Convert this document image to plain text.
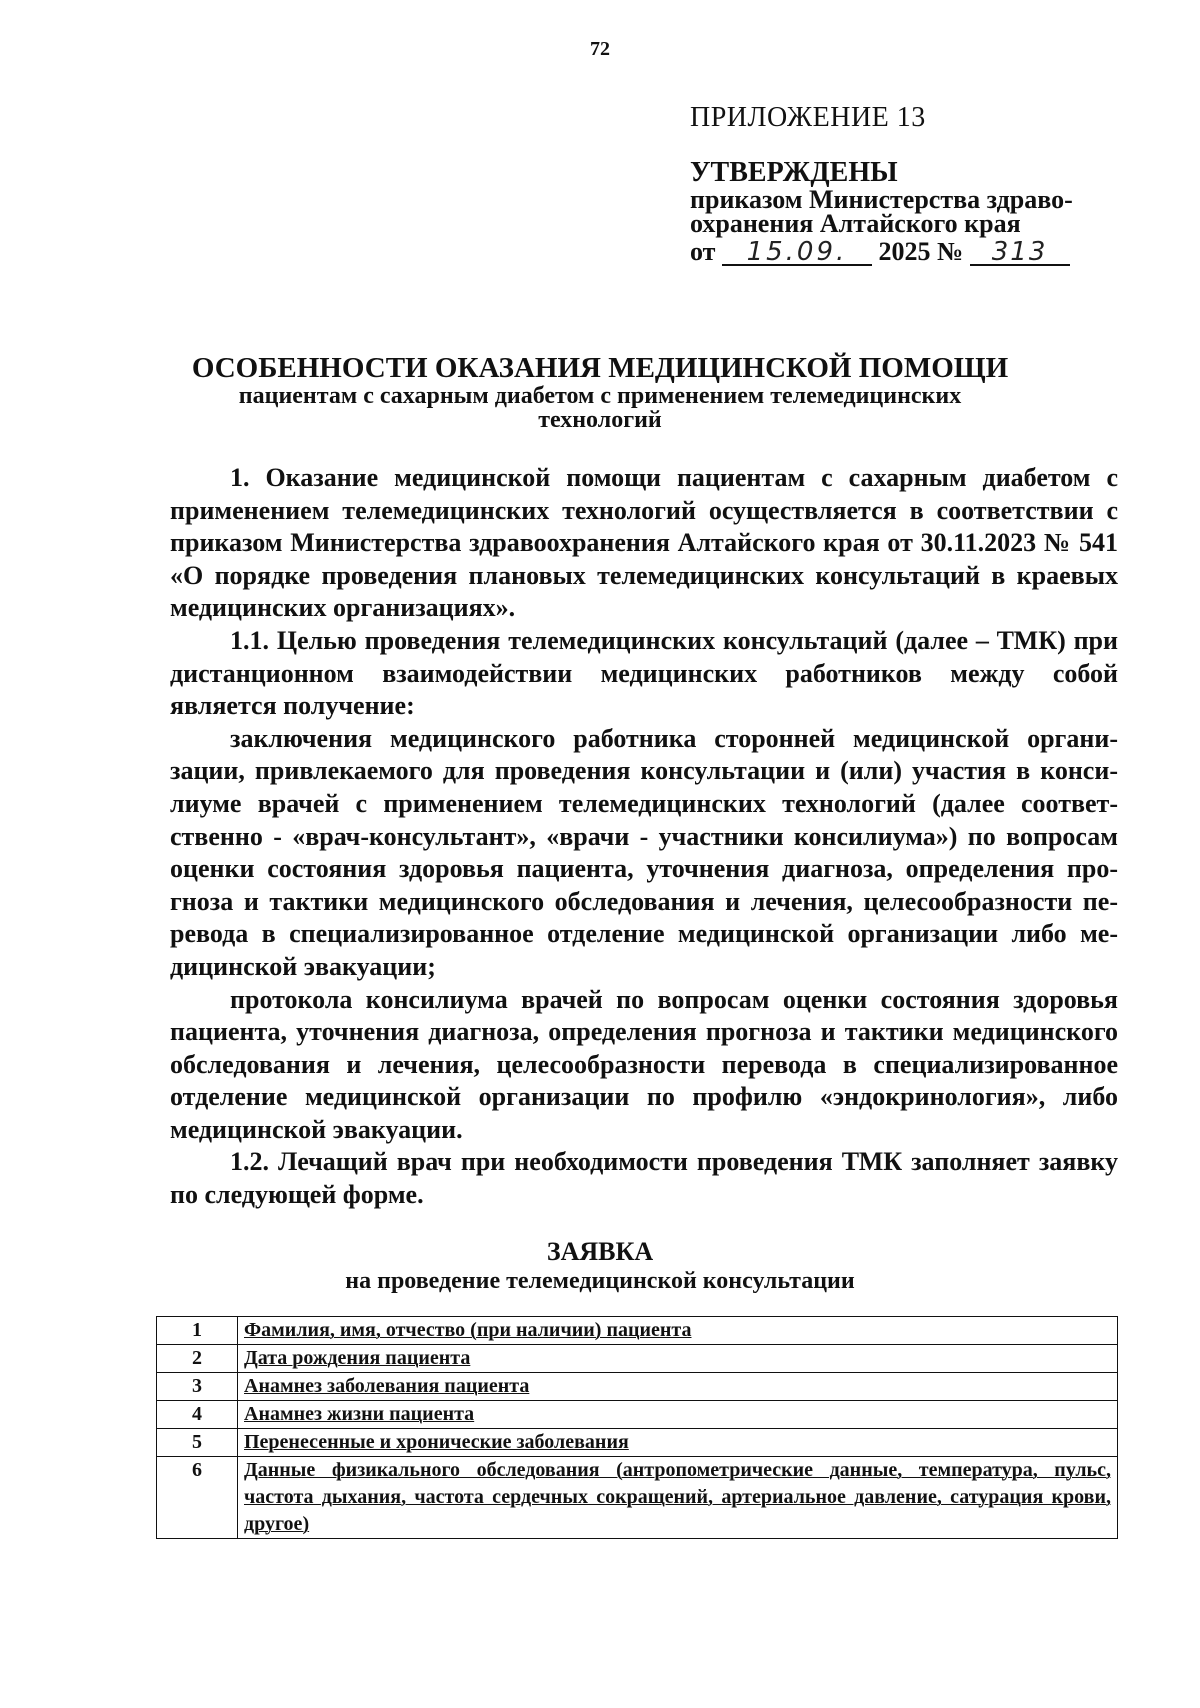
72
ПРИЛОЖЕНИЕ 13
УТВЕРЖДЕНЫ
приказом Министерства здраво-
охранения Алтайского края
от 15.09. 2025 № 313
ОСОБЕННОСТИ ОКАЗАНИЯ МЕДИЦИНСКОЙ ПОМОЩИ
пациентам с сахарным диабетом с применением телемедицинских
технологий

1. Оказание медицинской помощи пациентам с сахарным диабетом с применением телемедицинских технологий осуществляется в соответствии с приказом Министерства здравоохранения Алтайского края от 30.11.2023 № 541 «О порядке проведения плановых телемедицинских консультаций в краевых медицинских организациях».

1.1. Целью проведения телемедицинских консультаций (далее – ТМК) при дистанционном взаимодействии медицинских работников между собой является получение:

заключения медицинского работника сторонней медицинской организации, привлекаемого для проведения консультации и (или) участия в консилиуме врачей с применением телемедицинских технологий (далее соответственно - «врач-консультант», «врачи - участники консилиума») по вопросам оценки состояния здоровья пациента, уточнения диагноза, определения прогноза и тактики медицинского обследования и лечения, целесообразности перевода в специализированное отделение медицинской организации либо медицинской эвакуации;

протокола консилиума врачей по вопросам оценки состояния здоровья пациента, уточнения диагноза, определения прогноза и тактики медицинского обследования и лечения, целесообразности перевода в специализированное отделение медицинской организации по профилю «эндокринология», либо медицинской эвакуации.

1.2. Лечащий врач при необходимости проведения ТМК заполняет заявку по следующей форме.

ЗАЯВКА
на проведение телемедицинской консультации
1	Фамилия, имя, отчество (при наличии) пациента
2	Дата рождения пациента
3	Анамнез заболевания пациента
4	Анамнез жизни пациента
5	Перенесенные и хронические заболевания
6	Данные физикального обследования (антропометрические данные, температура, пульс, частота дыхания, частота сердечных сокращений, артериальное давление, сатурация крови, другое)
